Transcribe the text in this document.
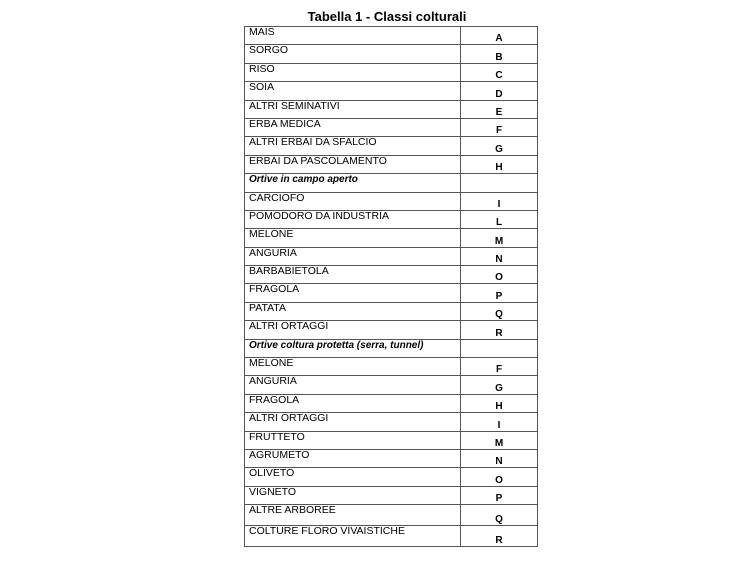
Tabella 1 - Classi colturali
MAIS	A
SORGO	B
RISO	C
SOIA	D
ALTRI SEMINATIVI	E
ERBA MEDICA	F
ALTRI ERBAI DA SFALCIO	G
ERBAI DA PASCOLAMENTO	H
Ortive in campo aperto	
CARCIOFO	I
POMODORO DA INDUSTRIA	L
MELONE	M
ANGURIA	N
BARBABIETOLA	O
FRAGOLA	P
PATATA	Q
ALTRI ORTAGGI	R
Ortive coltura protetta (serra, tunnel)	
MELONE	F
ANGURIA	G
FRAGOLA	H
ALTRI ORTAGGI	I
FRUTTETO	M
AGRUMETO	N
OLIVETO	O
VIGNETO	P
ALTRE ARBOREE	Q
COLTURE FLORO VIVAISTICHE	R
